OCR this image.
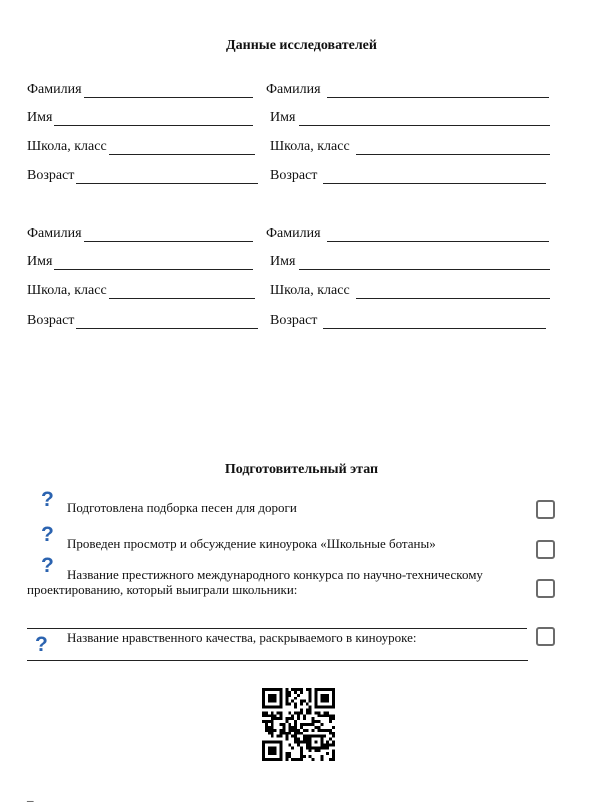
Данные исследователей
Фамилия
Имя
Школа, класс
Возраст
Фамилия
Имя
Школа, класс
Возраст
Фамилия
Имя
Школа, класс
Возраст
Фамилия
Имя
Школа, класс
Возраст
Подготовительный этап
? Подготовлена подборка песен для дороги
? Проведен просмотр и обсуждение киноурока «Школьные ботаны»
?	Название престижного международного конкурса по научно-техническому проектированию, который выиграли школьники:
? Название нравственного качества, раскрываемого в киноуроке:
_
